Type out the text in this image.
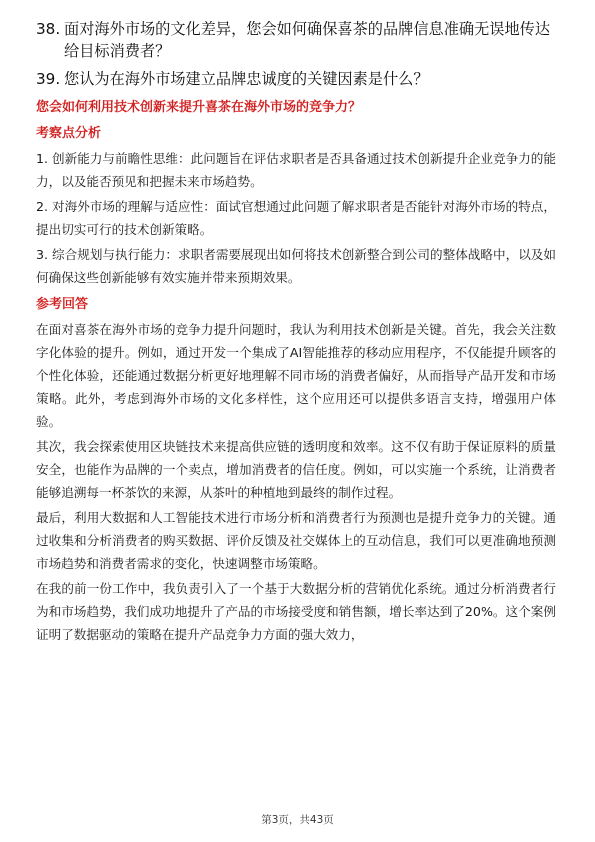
38. 面对海外市场的文化差异，您会如何确保喜茶的品牌信息准确无误地传达给目标消费者？
39. 您认为在海外市场建立品牌忠诚度的关键因素是什么？
您会如何利用技术创新来提升喜茶在海外市场的竞争力？
考察点分析
1. 创新能力与前瞻性思维：此问题旨在评估求职者是否具备通过技术创新提升企业竞争力的能力，以及能否预见和把握未来市场趋势。
2. 对海外市场的理解与适应性：面试官想通过此问题了解求职者是否能针对海外市场的特点，提出切实可行的技术创新策略。
3. 综合规划与执行能力：求职者需要展现出如何将技术创新整合到公司的整体战略中，以及如何确保这些创新能够有效实施并带来预期效果。
参考回答
在面对喜茶在海外市场的竞争力提升问题时，我认为利用技术创新是关键。首先，我会关注数字化体验的提升。例如，通过开发一个集成了AI智能推荐的移动应用程序，不仅能提升顾客的个性化体验，还能通过数据分析更好地理解不同市场的消费者偏好，从而指导产品开发和市场策略。此外，考虑到海外市场的文化多样性，这个应用还可以提供多语言支持，增强用户体验。
其次，我会探索使用区块链技术来提高供应链的透明度和效率。这不仅有助于保证原料的质量安全，也能作为品牌的一个卖点，增加消费者的信任度。例如，可以实施一个系统，让消费者能够追溯每一杯茶饮的来源，从茶叶的种植地到最终的制作过程。
最后，利用大数据和人工智能技术进行市场分析和消费者行为预测也是提升竞争力的关键。通过收集和分析消费者的购买数据、评价反馈及社交媒体上的互动信息，我们可以更准确地预测市场趋势和消费者需求的变化，快速调整市场策略。
在我的前一份工作中，我负责引入了一个基于大数据分析的营销优化系统。通过分析消费者行为和市场趋势，我们成功地提升了产品的市场接受度和销售额，增长率达到了20%。这个案例证明了数据驱动的策略在提升产品竞争力方面的强大效力，
第3页，共43页
